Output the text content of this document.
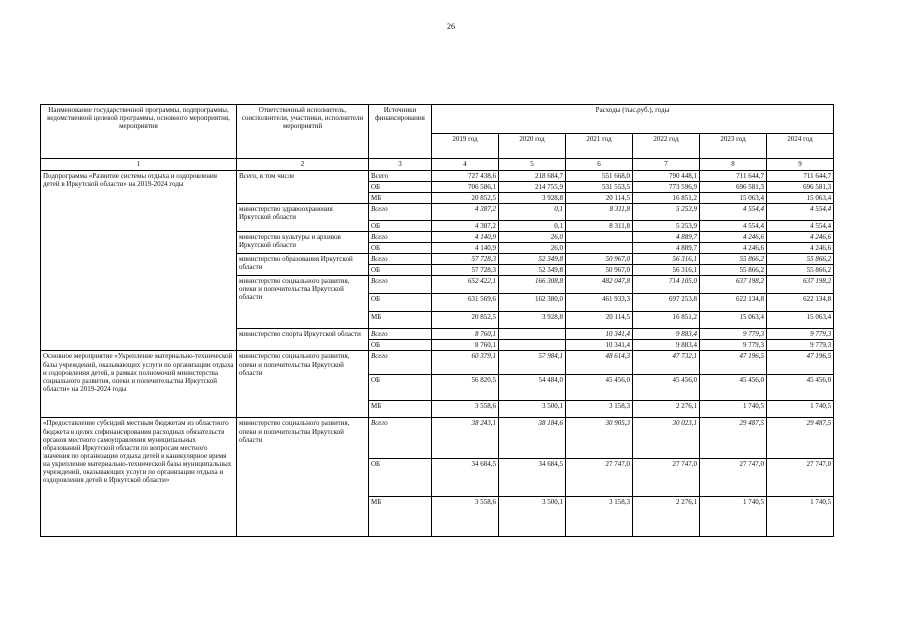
26
Наименование государственной программы, подпрограммы, ведомственной целевой программы, основного мероприятия, мероприятия	Ответственный исполнитель, соисполнители, участники, исполнители мероприятий	Источники финансирования	Расходы (тыс.руб.), годы					
			2019 год	2020 год	2021 год	2022 год	2023 год	2024 год
1	2	3	4	5	6	7	8	9
Подпрограмма «Развитие системы отдыха и оздоровления детей в Иркутской области» на 2019-2024 годы	Всего, в том числе	Всего	727 438,6	218 684,7	551 668,0	790 448,1	711 644,7	711 644,7
		ОБ	706 586,1	214 755,9	531 553,5	773 596,9	696 581,3	696 581,3
		МБ	20 852,5	3 928,8	20 114,5	16 851,2	15 063,4	15 063,4
	министерство здравоохранения Иркутской области	Всего	4 387,2	0,1	8 311,8	5 253,9	4 554,4	4 554,4
		ОБ	4 387,2	0,1	8 311,8	5 253,9	4 554,4	4 554,4
	министерство культуры и архивов Иркутской области	Всего	4 140,9	26,0		4 889,7	4 246,6	4 246,6
		ОБ	4 140,9	26,0		4 889,7	4 246,6	4 246,6
	министерство образования Иркутской области	Всего	57 728,3	52 349,8	50 967,0	56 316,1	55 866,2	55 866,2
		ОБ	57 728,3	52 349,8	50 967,0	56 316,1	55 866,2	55 866,2
	министерство социального развития, опеки и попечительства Иркутской области	Всего	652 422,1	166 308,8	482 047,8	714 105,0	637 198,2	637 198,2
		ОБ	631 569,6	162 380,0	461 933,3	697 253,8	622 134,8	622 134,8
		МБ	20 852,5	3 928,8	20 114,5	16 851,2	15 063,4	15 063,4
	министерство спорта Иркутской области	Всего	8 760,1		10 341,4	9 883,4	9 779,3	9 779,3
		ОБ	8 760,1		10 341,4	9 883,4	9 779,3	9 779,3
Основное мероприятие «Укрепление материально-технической базы учреждений, оказывающих услуги по организации отдыха и оздоровления детей, в рамках полномочий министерства социального развития, опеки и попечительства Иркутской области» на 2019-2024 годы	министерство социального развития, опеки и попечительства Иркутской области	Всего	60 379,1	57 984,1	48 614,3	47 732,1	47 196,5	47 196,5
		ОБ	56 820,5	54 484,0	45 456,0	45 456,0	45 456,0	45 456,0
		МБ	3 558,6	3 500,1	3 158,3	2 276,1	1 740,5	1 740,5
«Предоставление субсидий местным бюджетам из областного бюджета в целях софинансирования расходных обязательств органов местного самоуправления муниципальных образований Иркутской области по вопросам местного значения по организации отдыха детей в каникулярное время на укрепление материально-технической базы муниципальных учреждений, оказывающих услуги по организации отдыха и оздоровления детей в Иркутской области»	министерство социального развития, опеки и попечительства Иркутской области	Всего	38 243,1	38 184,6	30 905,3	30 023,1	29 487,5	29 487,5
		ОБ	34 684,5	34 684,5	27 747,0	27 747,0	27 747,0	27 747,0
		МБ	3 558,6	3 500,1	3 158,3	2 276,1	1 740,5	1 740,5
